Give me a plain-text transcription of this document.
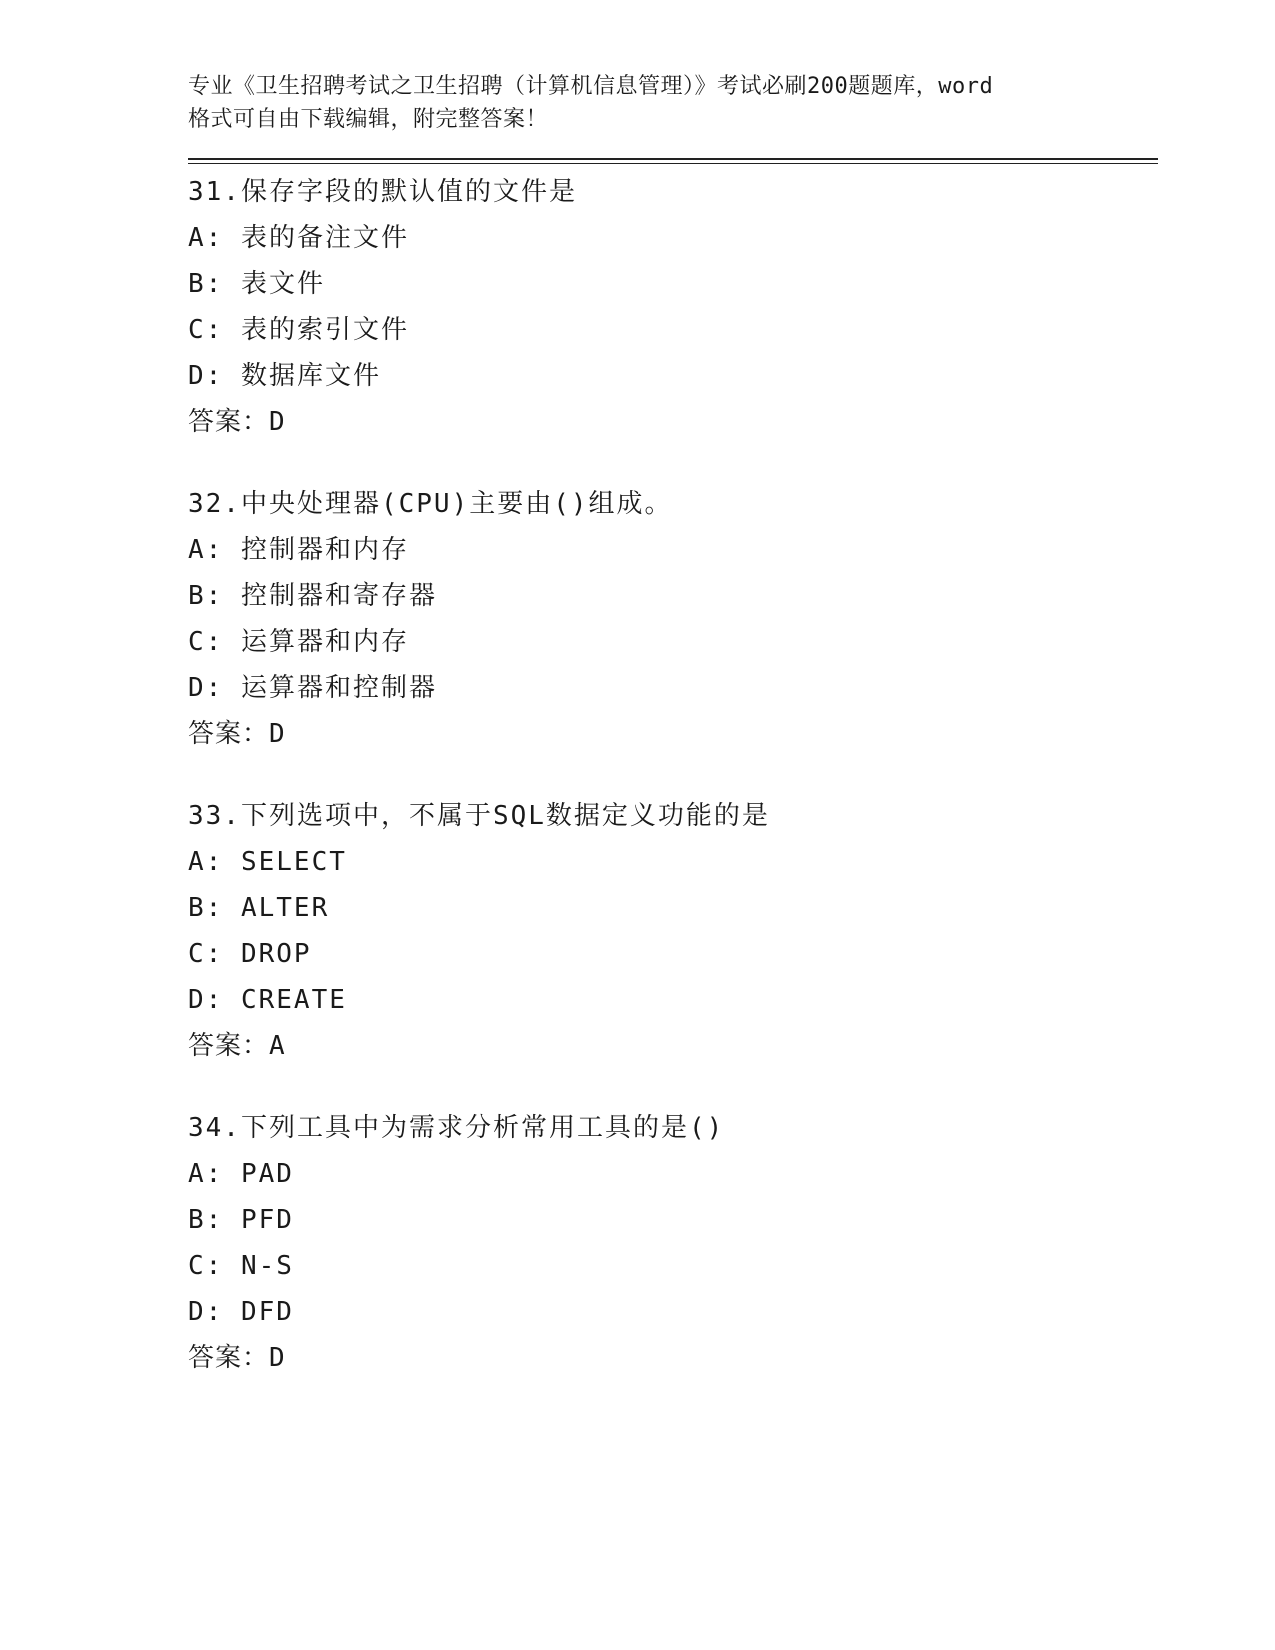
专业《卫生招聘考试之卫生招聘（计算机信息管理）》考试必刷200题题库，word

格式可自由下载编辑，附完整答案！

31.保存字段的默认值的文件是
A: 表的备注文件
B: 表文件
C: 表的索引文件
D: 数据库文件
答案：D
32.中央处理器(CPU)主要由()组成。
A: 控制器和内存
B: 控制器和寄存器
C: 运算器和内存
D: 运算器和控制器
答案：D
33.下列选项中，不属于SQL数据定义功能的是
A: SELECT
B: ALTER
C: DROP
D: CREATE
答案：A
34.下列工具中为需求分析常用工具的是()
A: PAD
B: PFD
C: N-S
D: DFD
答案：D
